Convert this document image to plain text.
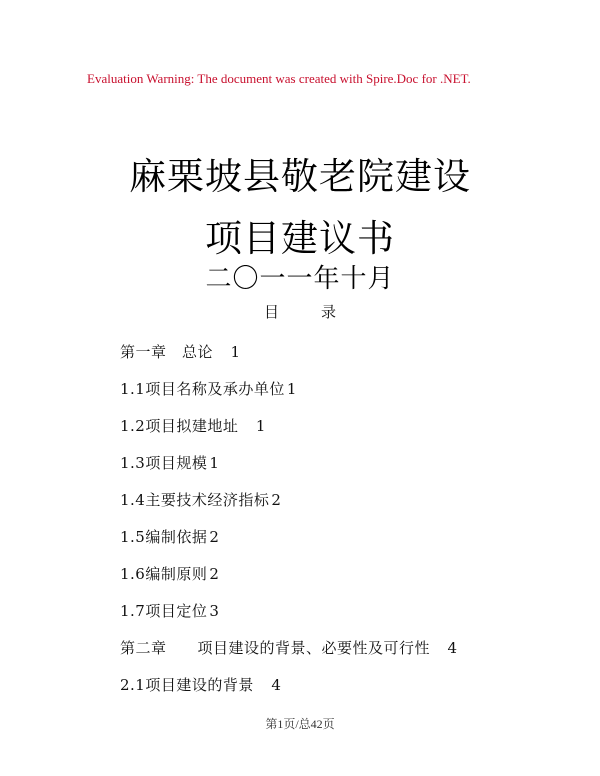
Evaluation Warning: The document was created with Spire.Doc for .NET.
麻栗坡县敬老院建设
项目建议书
二〇一一年十月
目	录
第一章　总论　1
1.1项目名称及承办单位 1
1.2项目拟建地址　1
1.3项目规模 1
1.4主要技术经济指标 2
1.5编制依据 2
1.6编制原则 2
1.7项目定位 3
第二章　　项目建设的背景、必要性及可行性　4
2.1项目建设的背景　4
第1页/总42页
